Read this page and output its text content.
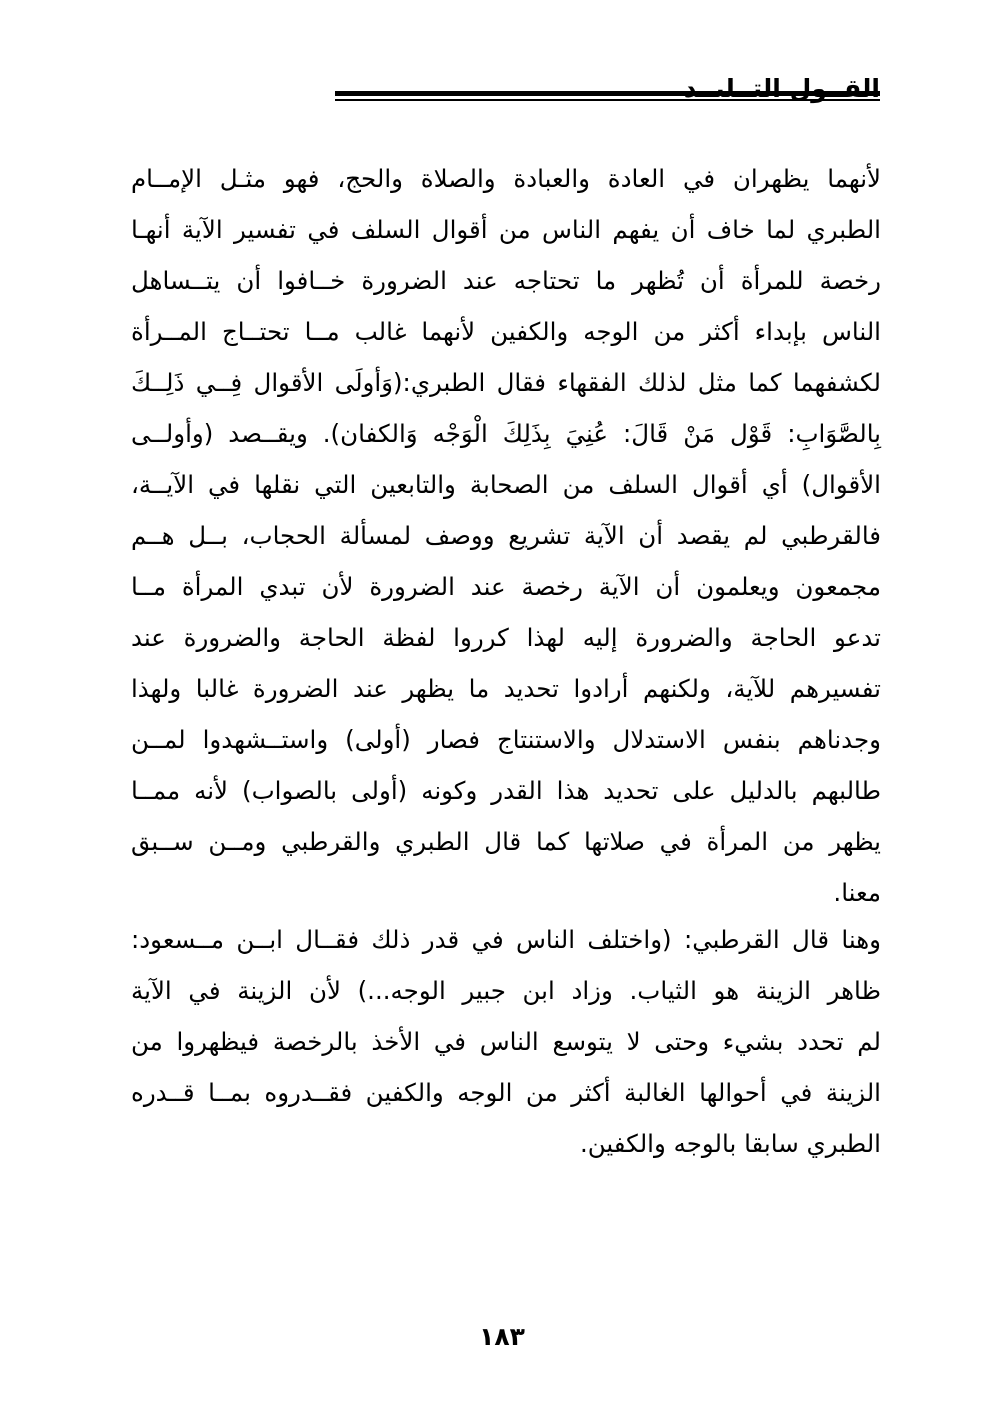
القــول التــليــد
لأنهما يظهران في العادة والعبادة والصلاة والحج، فهو مثـل الإمــام
الطبري لما خاف أن يفهم الناس من أقوال السلف في تفسير الآية أنهـا
رخصة للمرأة أن تُظهر ما تحتاجه عند الضرورة خــافوا أن يتــساهل
الناس بإبداء أكثر من الوجه والكفين لأنهما غالب مــا تحتــاج المــرأة
لكشفهما كما مثل لذلك الفقهاء فقال الطبري:(وَأولَى الأقوال فِــي ذَلِــكَ
بِالصَّوَابِ: قَوْل مَنْ قَالَ: عُنِيَ بِذَلِكَ الْوَجْه وَالكفان). ويقــصد (وأولــى
الأقوال) أي أقوال السلف من الصحابة والتابعين التي نقلها في الآيــة،
فالقرطبي لم يقصد أن الآية تشريع ووصف لمسألة الحجاب، بــل هــم
مجمعون ويعلمون أن الآية رخصة عند الضرورة لأن تبدي المرأة مــا
تدعو الحاجة والضرورة إليه لهذا كرروا لفظة الحاجة والضرورة عند
تفسيرهم للآية، ولكنهم أرادوا تحديد ما يظهر عند الضرورة غالبا ولهذا
وجدناهم بنفس الاستدلال والاستنتاج فصار (أولى) واستــشهدوا لمــن
طالبهم بالدليل على تحديد هذا القدر وكونه (أولى بالصواب) لأنه ممــا
يظهر من المرأة في صلاتها كما قال الطبري والقرطبي ومــن ســبق
معنا.
وهنا قال القرطبي: (واختلف الناس في قدر ذلك فقــال ابــن مــسعود:
ظاهر الزينة هو الثياب. وزاد ابن جبير الوجه...) لأن الزينة في الآية
لم تحدد بشيء وحتى لا يتوسع الناس في الأخذ بالرخصة فيظهروا من
الزينة في أحوالها الغالبة أكثر من الوجه والكفين فقــدروه بمــا قــدره
الطبري سابقا بالوجه والكفين.
١٨٣
